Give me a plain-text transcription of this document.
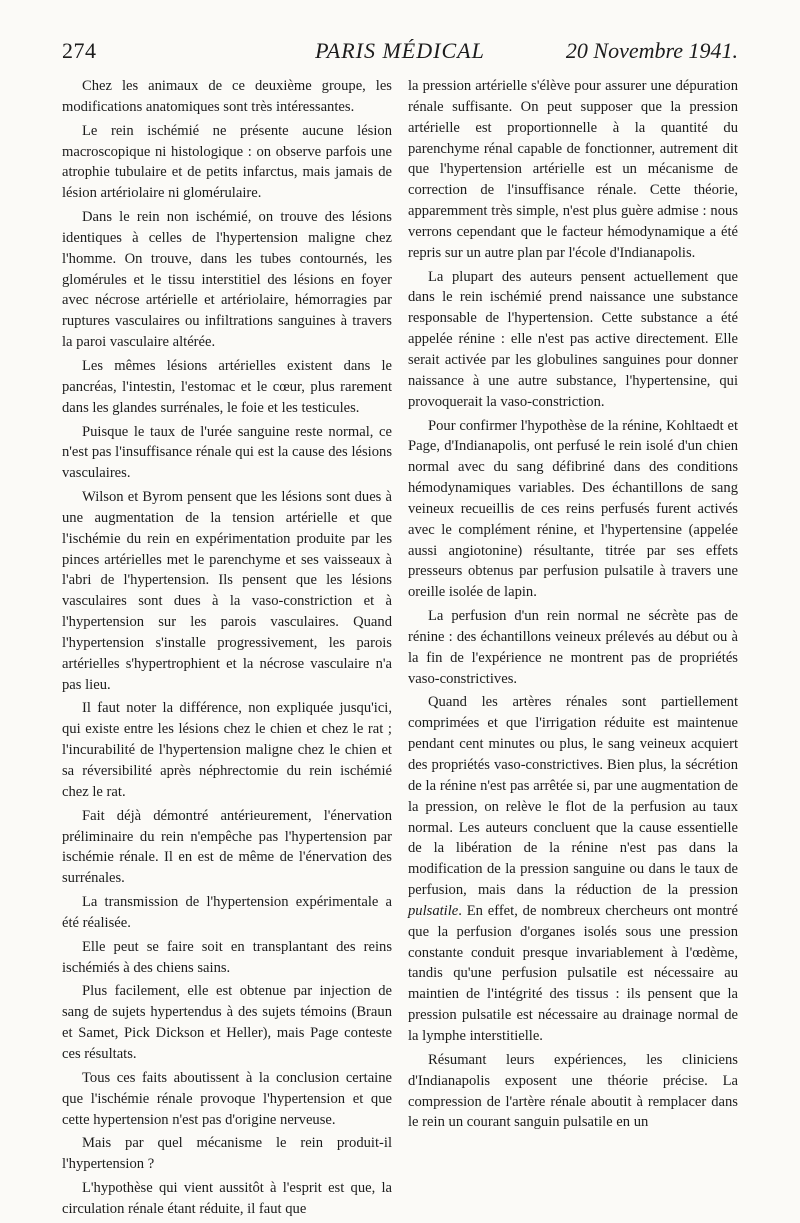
274	PARIS MÉDICAL	20 Novembre 1941.

Chez les animaux de ce deuxième groupe, les modifications anatomiques sont très intéressantes.

Le rein ischémié ne présente aucune lésion macroscopique ni histologique : on observe parfois une atrophie tubulaire et de petits infarctus, mais jamais de lésion artériolaire ni glomérulaire.

Dans le rein non ischémié, on trouve des lésions identiques à celles de l'hypertension maligne chez l'homme. On trouve, dans les tubes contournés, les glomérules et le tissu interstitiel des lésions en foyer avec nécrose artérielle et artériolaire, hémorragies par ruptures vasculaires ou infiltrations sanguines à travers la paroi vasculaire altérée.

Les mêmes lésions artérielles existent dans le pancréas, l'intestin, l'estomac et le cœur, plus rarement dans les glandes surrénales, le foie et les testicules.

Puisque le taux de l'urée sanguine reste normal, ce n'est pas l'insuffisance rénale qui est la cause des lésions vasculaires.

Wilson et Byrom pensent que les lésions sont dues à une augmentation de la tension artérielle et que l'ischémie du rein en expérimentation produite par les pinces artérielles met le parenchyme et ses vaisseaux à l'abri de l'hypertension. Ils pensent que les lésions vasculaires sont dues à la vaso-constriction et à l'hypertension sur les parois vasculaires. Quand l'hypertension s'installe progressivement, les parois artérielles s'hypertrophient et la nécrose vasculaire n'a pas lieu.

Il faut noter la différence, non expliquée jusqu'ici, qui existe entre les lésions chez le chien et chez le rat ; l'incurabilité de l'hypertension maligne chez le chien et sa réversibilité après néphrectomie du rein ischémié chez le rat.

Fait déjà démontré antérieurement, l'énervation préliminaire du rein n'empêche pas l'hypertension par ischémie rénale. Il en est de même de l'énervation des surrénales.

La transmission de l'hypertension expérimentale a été réalisée.

Elle peut se faire soit en transplantant des reins ischémiés à des chiens sains.

Plus facilement, elle est obtenue par injection de sang de sujets hypertendus à des sujets témoins (Braun et Samet, Pick Dickson et Heller), mais Page conteste ces résultats.

Tous ces faits aboutissent à la conclusion certaine que l'ischémie rénale provoque l'hypertension et que cette hypertension n'est pas d'origine nerveuse.

Mais par quel mécanisme le rein produit-il l'hypertension ?

L'hypothèse qui vient aussitôt à l'esprit est que, la circulation rénale étant réduite, il faut que

la pression artérielle s'élève pour assurer une dépuration rénale suffisante. On peut supposer que la pression artérielle est proportionnelle à la quantité du parenchyme rénal capable de fonctionner, autrement dit que l'hypertension artérielle est un mécanisme de correction de l'insuffisance rénale. Cette théorie, apparemment très simple, n'est plus guère admise : nous verrons cependant que le facteur hémodynamique a été repris sur un autre plan par l'école d'Indianapolis.

La plupart des auteurs pensent actuellement que dans le rein ischémié prend naissance une substance responsable de l'hypertension. Cette substance a été appelée rénine : elle n'est pas active directement. Elle serait activée par les globulines sanguines pour donner naissance à une autre substance, l'hypertensine, qui provoquerait la vaso-constriction.

Pour confirmer l'hypothèse de la rénine, Kohltaedt et Page, d'Indianapolis, ont perfusé le rein isolé d'un chien normal avec du sang défibriné dans des conditions hémodynamiques variables. Des échantillons de sang veineux recueillis de ces reins perfusés furent activés avec le complément rénine, et l'hypertensine (appelée aussi angiotonine) résultante, titrée par ses effets presseurs obtenus par perfusion pulsatile à travers une oreille isolée de lapin.

La perfusion d'un rein normal ne sécrète pas de rénine : des échantillons veineux prélevés au début ou à la fin de l'expérience ne montrent pas de propriétés vaso-constrictives.

Quand les artères rénales sont partiellement comprimées et que l'irrigation réduite est maintenue pendant cent minutes ou plus, le sang veineux acquiert des propriétés vaso-constrictives. Bien plus, la sécrétion de la rénine n'est pas arrêtée si, par une augmentation de la pression, on relève le flot de la perfusion au taux normal. Les auteurs concluent que la cause essentielle de la libération de la rénine n'est pas dans la modification de la pression sanguine ou dans le taux de perfusion, mais dans la réduction de la pression pulsatile. En effet, de nombreux chercheurs ont montré que la perfusion d'organes isolés sous une pression constante conduit presque invariablement à l'œdème, tandis qu'une perfusion pulsatile est nécessaire au maintien de l'intégrité des tissus : ils pensent que la pression pulsatile est nécessaire au drainage normal de la lymphe interstitielle.

Résumant leurs expériences, les cliniciens d'Indianapolis exposent une théorie précise. La compression de l'artère rénale aboutit à remplacer dans le rein un courant sanguin pulsatile en un
